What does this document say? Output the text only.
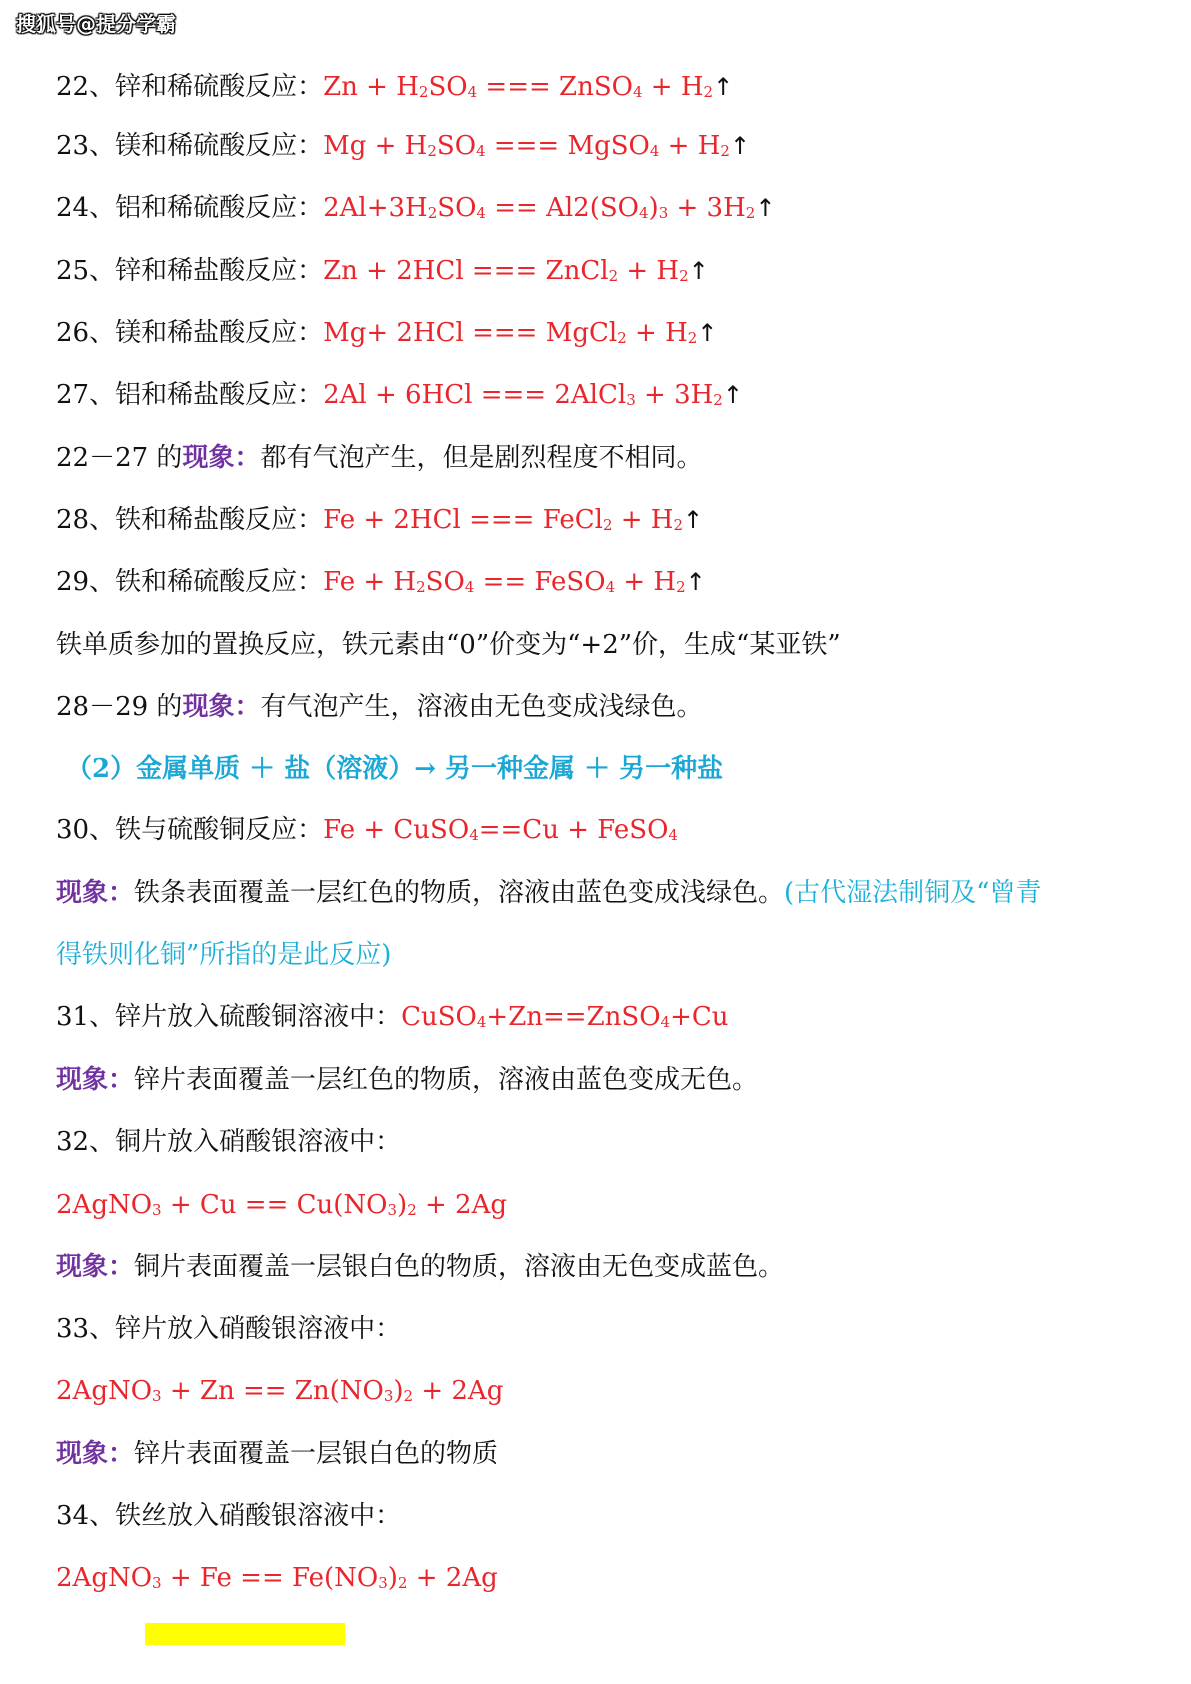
搜狐号@提分学霸
22、锌和稀硫酸反应：$Zn + H_2SO_4$ === ZnSO$_4$ + $H_2↑$
23、镁和稀硫酸反应：$Mg + H_2SO_4$ === MgSO$_4$ + $H_2↑$
24、铝和稀硫酸反应：$2Al+3H_2SO_4 == Al2(SO_4)_3$ + $3H_2↑$
25、锌和稀盐酸反应：Zn + 2HCl === ZnCl$_2$ + $H_2↑$
26、镁和稀盐酸反应：Mg+ 2HCl === MgCl$_2$ + $H_2↑$
27、铝和稀盐酸反应：2Al + 6HCl === 2AlCl$_3$ + $3H_2↑$
22－27 的现象：都有气泡产生，但是剧烈程度不相同。
28、铁和稀盐酸反应：Fe + 2HCl === FeCl$_2$ + $H_2↑$
29、铁和稀硫酸反应：$Fe + H_2SO_4$ == FeSO$_4$ + $H_2↑$
铁单质参加的置换反应，铁元素由“0”价变为“+2”价，生成“某亚铁”
28－29 的现象：有气泡产生，溶液由无色变成浅绿色。
（2）金属单质 ＋ 盐（溶液）→ 另一种金属 ＋ 另一种盐
30、铁与硫酸铜反应：Fe + CuSO$_4$==Cu + FeSO$_4$
现象：铁条表面覆盖一层红色的物质，溶液由蓝色变成浅绿色。(古代湿法制铜及“曾青
得铁则化铜”所指的是此反应)
31、锌片放入硫酸铜溶液中：CuSO$_4$+Zn==ZnSO$_4$+Cu
现象：锌片表面覆盖一层红色的物质，溶液由蓝色变成无色。
32、铜片放入硝酸银溶液中：
2AgNO$_3$ + $Cu == Cu(NO_3)_2 + 2Ag$
现象：铜片表面覆盖一层银白色的物质，溶液由无色变成蓝色。
33、锌片放入硝酸银溶液中：
2AgNO$_3$ + $Zn == Zn(NO_3)_2 + 2Ag$
现象：锌片表面覆盖一层银白色的物质
34、铁丝放入硝酸银溶液中：
2AgNO$_3$ + $Fe == Fe(NO_3)_2 + 2Ag$
